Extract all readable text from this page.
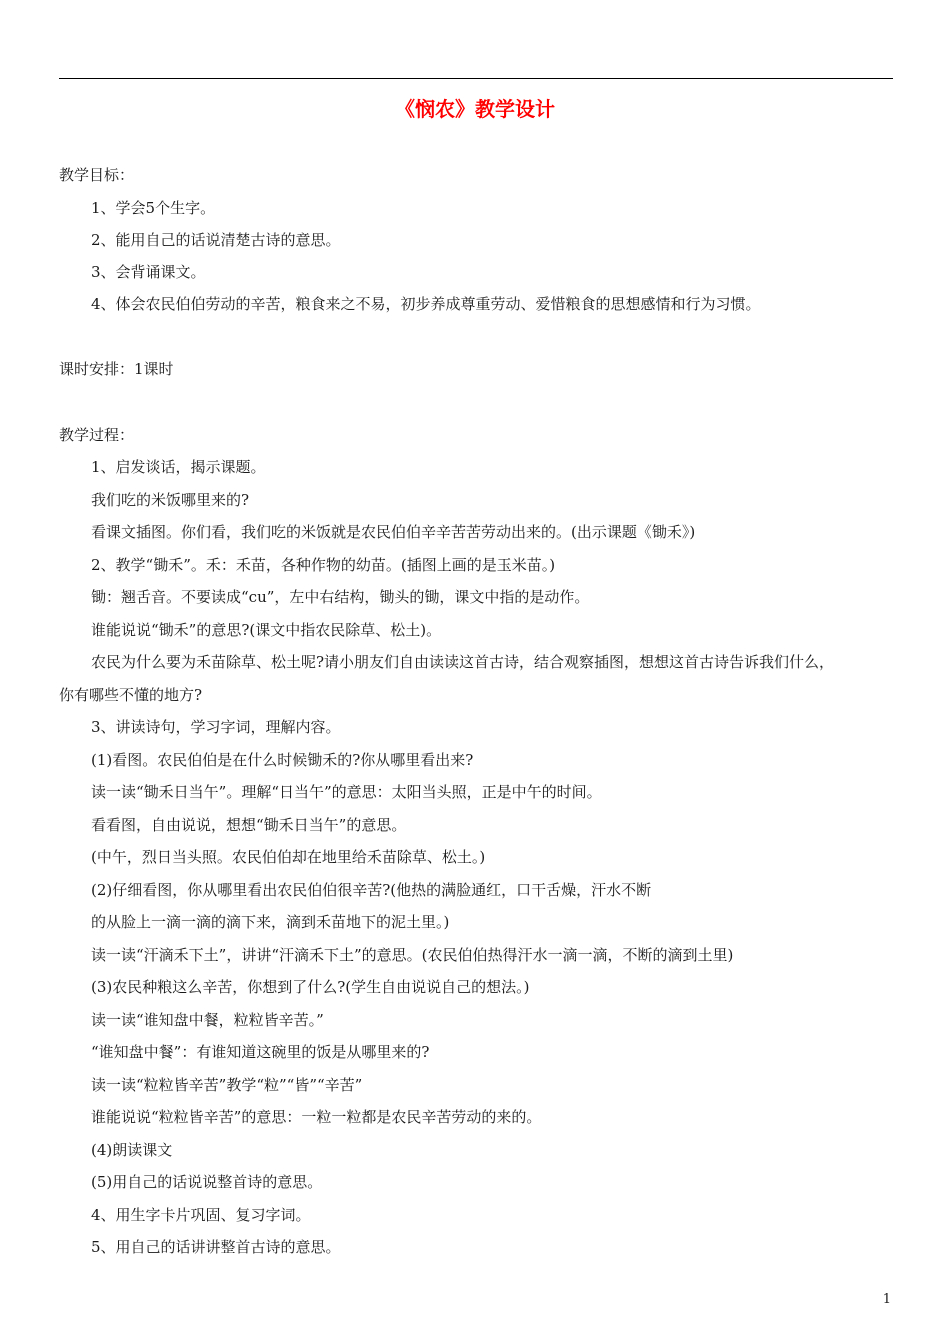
《悯农》教学设计
教学目标：
1、学会5个生字。
2、能用自己的话说清楚古诗的意思。
3、会背诵课文。
4、体会农民伯伯劳动的辛苦，粮食来之不易，初步养成尊重劳动、爱惜粮食的思想感情和行为习惯。
课时安排：1课时
教学过程：
1、启发谈话，揭示课题。
我们吃的米饭哪里来的?
看课文插图。你们看，我们吃的米饭就是农民伯伯辛辛苦苦劳动出来的。(出示课题《锄禾》)
2、教学“锄禾”。禾：禾苗，各种作物的幼苗。(插图上画的是玉米苗。)
锄：翘舌音。不要读成“cu”，左中右结构，锄头的锄，课文中指的是动作。
谁能说说“锄禾”的意思?(课文中指农民除草、松土)。
农民为什么要为禾苗除草、松土呢?请小朋友们自由读读这首古诗，结合观察插图，想想这首古诗告诉我们什么，
你有哪些不懂的地方?
3、讲读诗句，学习字词，理解内容。
(1)看图。农民伯伯是在什么时候锄禾的?你从哪里看出来?
读一读“锄禾日当午”。理解“日当午”的意思：太阳当头照，正是中午的时间。
看看图，自由说说，想想“锄禾日当午”的意思。
(中午，烈日当头照。农民伯伯却在地里给禾苗除草、松土。)
(2)仔细看图，你从哪里看出农民伯伯很辛苦?(他热的满脸通红，口干舌燥，汗水不断
的从脸上一滴一滴的滴下来，滴到禾苗地下的泥土里。)
读一读“汗滴禾下土”，讲讲“汗滴禾下土”的意思。(农民伯伯热得汗水一滴一滴，不断的滴到土里)
(3)农民种粮这么辛苦，你想到了什么?(学生自由说说自己的想法。)
读一读“谁知盘中餐，粒粒皆辛苦。”
“谁知盘中餐”：有谁知道这碗里的饭是从哪里来的?
读一读“粒粒皆辛苦”教学“粒”“皆”“辛苦”
谁能说说“粒粒皆辛苦”的意思：一粒一粒都是农民辛苦劳动的来的。
(4)朗读课文
(5)用自己的话说说整首诗的意思。
4、用生字卡片巩固、复习字词。
5、用自己的话讲讲整首古诗的意思。
1
